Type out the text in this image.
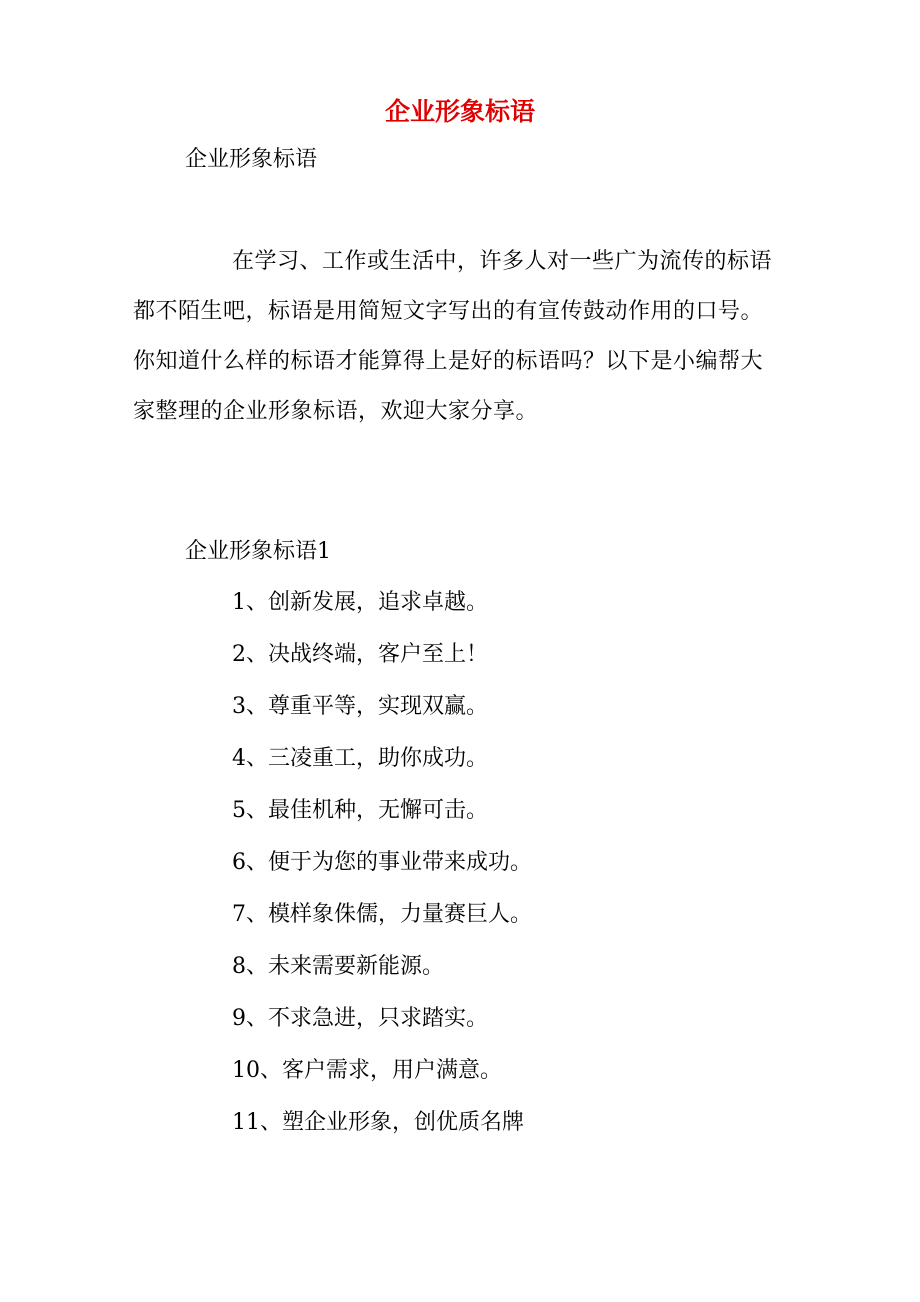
企业形象标语
企业形象标语

在学习、工作或生活中，许多人对一些广为流传的标语都不陌生吧，标语是用简短文字写出的有宣传鼓动作用的口号。你知道什么样的标语才能算得上是好的标语吗？以下是小编帮大家整理的企业形象标语，欢迎大家分享。

企业形象标语1
1、创新发展，追求卓越。
2、决战终端，客户至上！
3、尊重平等，实现双赢。
4、三凌重工，助你成功。
5、最佳机种，无懈可击。
6、便于为您的事业带来成功。
7、模样象侏儒，力量赛巨人。
8、未来需要新能源。
9、不求急进，只求踏实。
10、客户需求，用户满意。
11、塑企业形象，创优质名牌
